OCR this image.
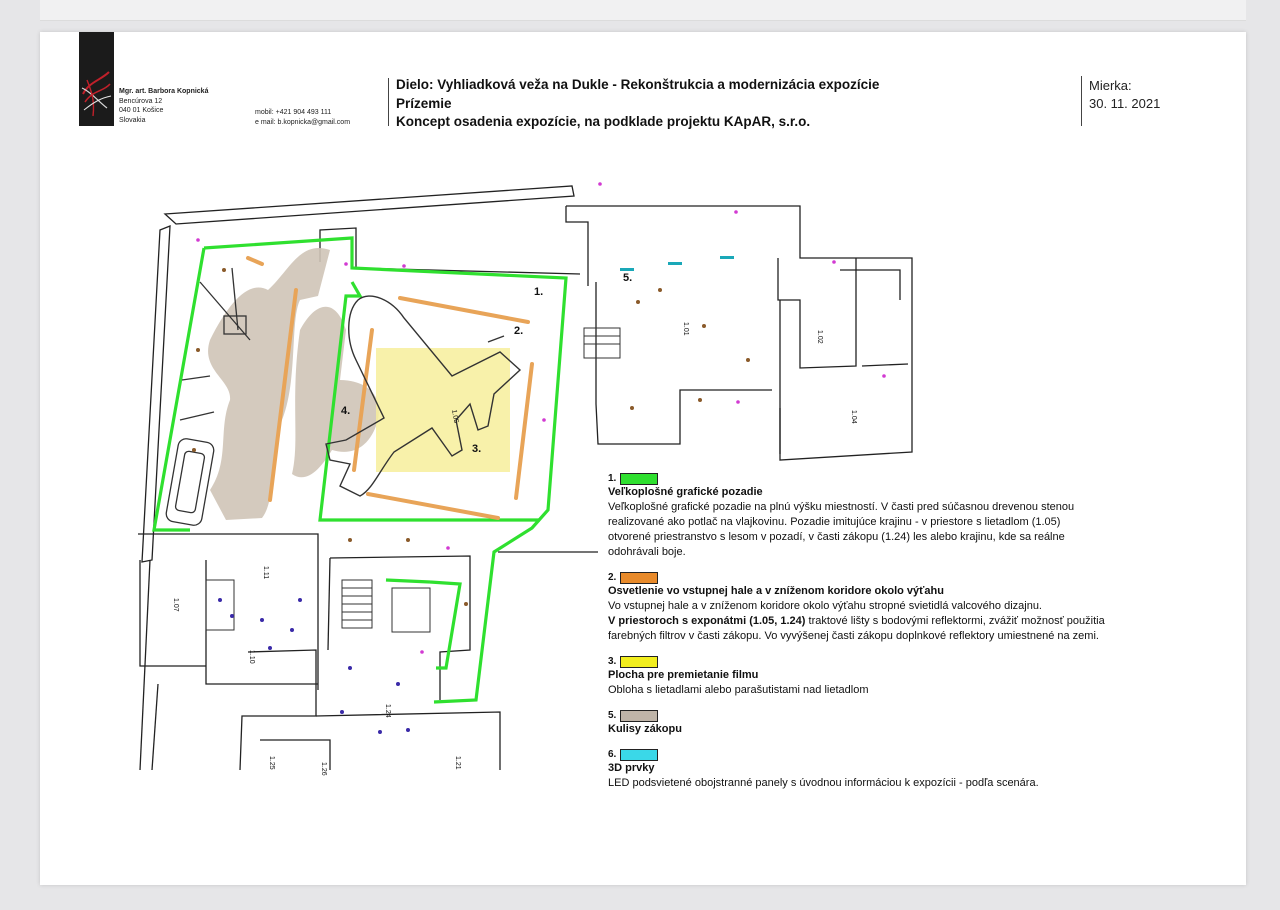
Mgr. art. Barbora Kopnická
Bencúrova 12
040 01 Košice
Slovakia
mobil: +421 904 493 111
e mail: b.kopnicka@gmail.com
Dielo: Vyhliadková veža na Dukle - Rekonštrukcia a modernizácia expozície
Prízemie
Koncept osadenia expozície, na podklade projektu KApAR, s.r.o.
Mierka:
30. 11. 2021
1.
2.
3.
4.
5.
1.05
1.01
1.04
1.02
1.24
1.11
1.10
1.07
1.25	1.26	1.21
1.
Veľkoplošné grafické pozadie
Veľkoplošné grafické pozadie na plnú výšku miestností. V časti pred súčasnou drevenou stenou
realizované ako potlač na vlajkovinu. Pozadie imitujúce krajinu - v priestore s lietadlom (1.05)
otvorené priestranstvo s lesom v pozadí, v časti zákopu (1.24) les alebo krajinu, kde sa reálne
odohrávali boje.
2.
Osvetlenie vo vstupnej hale a v zníženom koridore okolo výťahu
Vo vstupnej hale a v zníženom koridore okolo výťahu stropné svietidlá valcového dizajnu.
V priestoroch s exponátmi (1.05, 1.24) traktové lišty s bodovými reflektormi, zvážiť možnosť použitia
farebných filtrov v časti zákopu. Vo vyvýšenej časti zákopu doplnkové reflektory umiestnené na zemi.
3.
Plocha pre premietanie filmu
Obloha s lietadlami alebo parašutistami nad lietadlom
5.
Kulisy zákopu
6.
3D prvky
LED podsvietené obojstranné panely s úvodnou informáciou k expozícii - podľa scenára.
